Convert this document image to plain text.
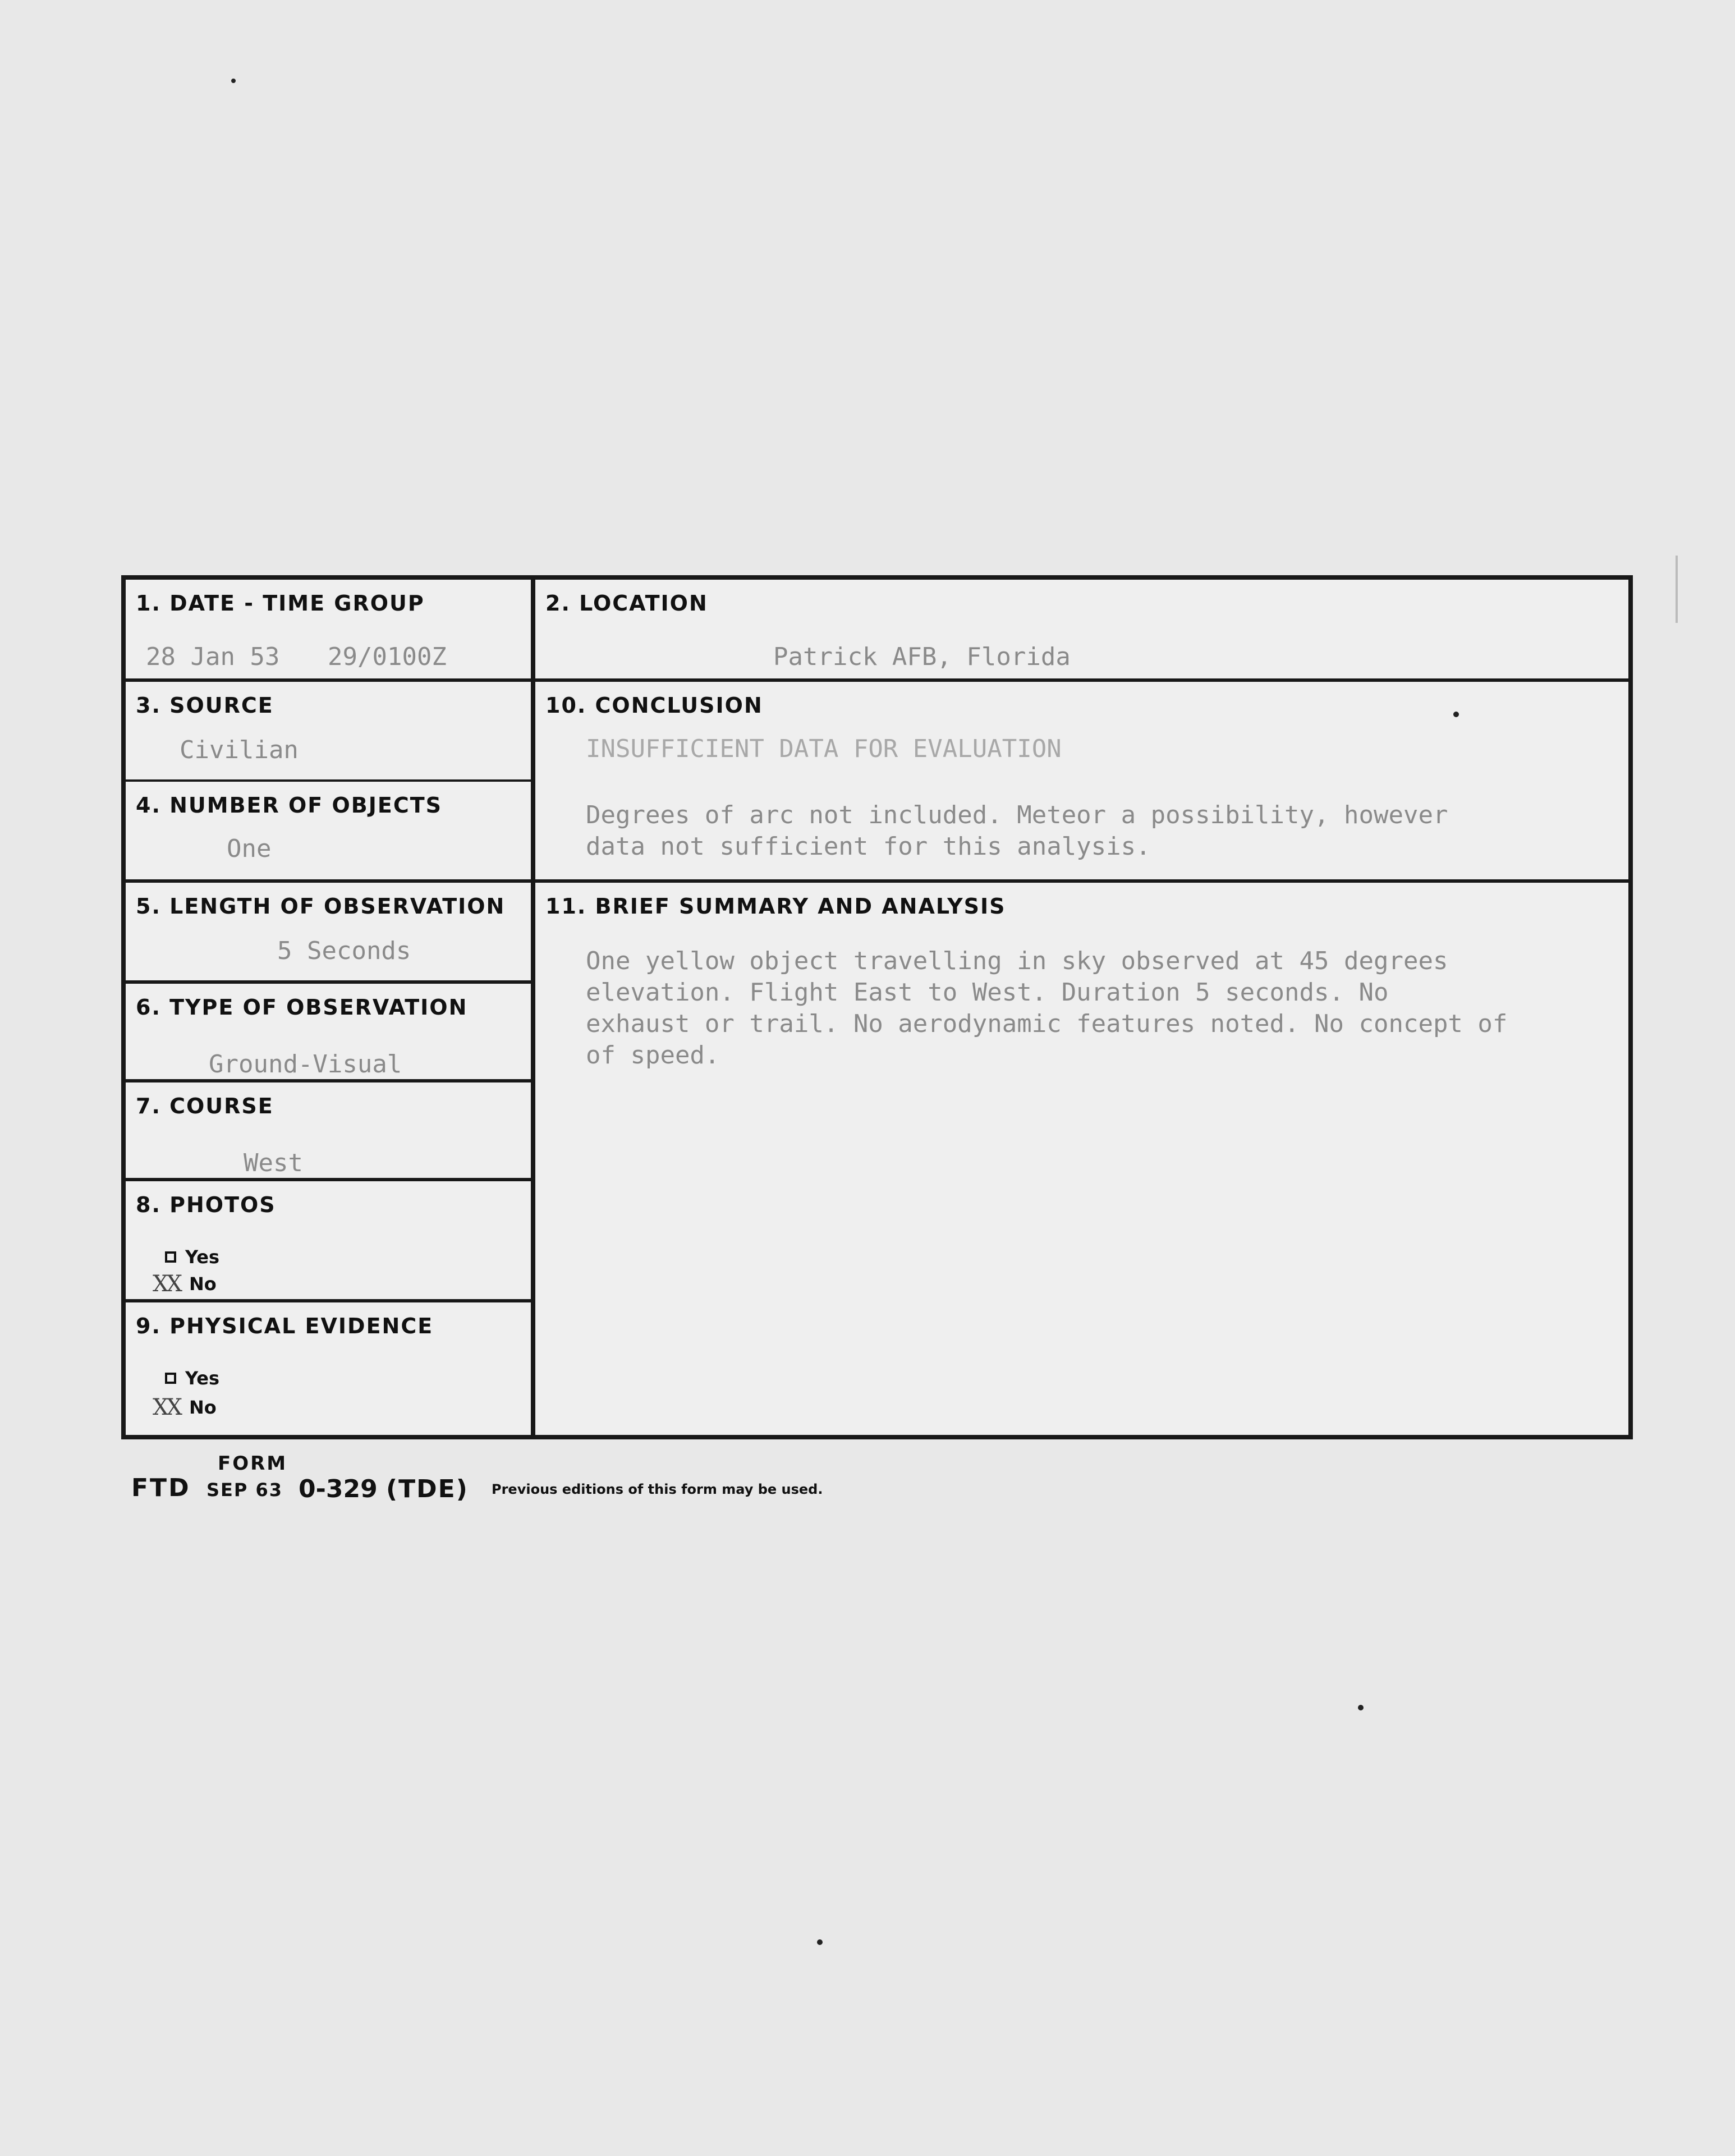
1. DATE - TIME GROUP
28 Jan 53 29/0100Z
3. SOURCE
Civilian
4. NUMBER OF OBJECTS
One
5. LENGTH OF OBSERVATION
5 Seconds
6. TYPE OF OBSERVATION
Ground-Visual
7. COURSE
West
8. PHOTOS
Yes
XX No
9. PHYSICAL EVIDENCE
Yes
XX No
2. LOCATION
Patrick AFB, Florida
10. CONCLUSION
INSUFFICIENT DATA FOR EVALUATION
Degrees of arc not included. Meteor a possibility, however
data not sufficient for this analysis.
11. BRIEF SUMMARY AND ANALYSIS
One yellow object travelling in sky observed at 45 degrees
elevation. Flight East to West. Duration 5 seconds. No
exhaust or trail. No aerodynamic features noted. No concept of
of speed.
FORM
FTD SEP 63 0-329 (TDE) Previous editions of this form may be used.
